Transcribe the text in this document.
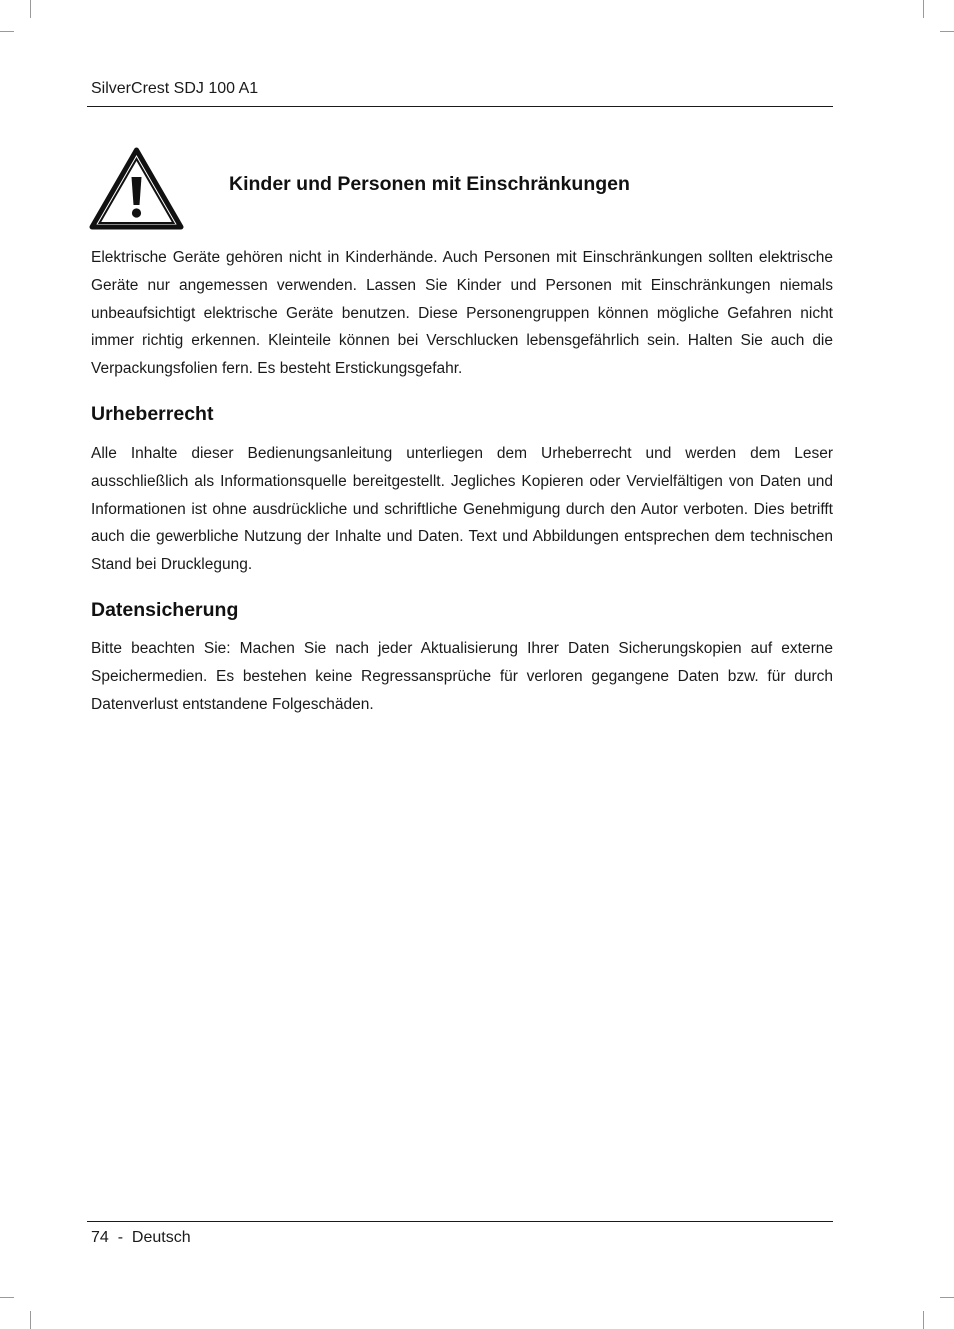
SilverCrest SDJ 100 A1
Kinder und Personen mit Einschränkungen

Elektrische Geräte gehören nicht in Kinderhände. Auch Personen mit Einschränkungen sollten elektrische Geräte nur angemessen verwenden. Lassen Sie Kinder und Personen mit Einschränkungen niemals unbeaufsichtigt elektrische Geräte benutzen. Diese Personengruppen können mögliche Gefahren nicht immer richtig erkennen. Kleinteile können bei Verschlucken lebensgefährlich sein. Halten Sie auch die Verpackungsfolien fern. Es besteht Erstickungsgefahr.

Urheberrecht

Alle Inhalte dieser Bedienungsanleitung unterliegen dem Urheberrecht und werden dem Leser ausschließlich als Informationsquelle bereitgestellt. Jegliches Kopieren oder Vervielfältigen von Daten und Informationen ist ohne ausdrückliche und schriftliche Genehmigung durch den Autor verboten. Dies betrifft auch die gewerbliche Nutzung der Inhalte und Daten. Text und Abbildungen entsprechen dem technischen Stand bei Drucklegung.

Datensicherung

Bitte beachten Sie: Machen Sie nach jeder Aktualisierung Ihrer Daten Sicherungskopien auf externe Speichermedien. Es bestehen keine Regressansprüche für verloren gegangene Daten bzw. für durch Datenverlust entstandene Folgeschäden.

74 - Deutsch
